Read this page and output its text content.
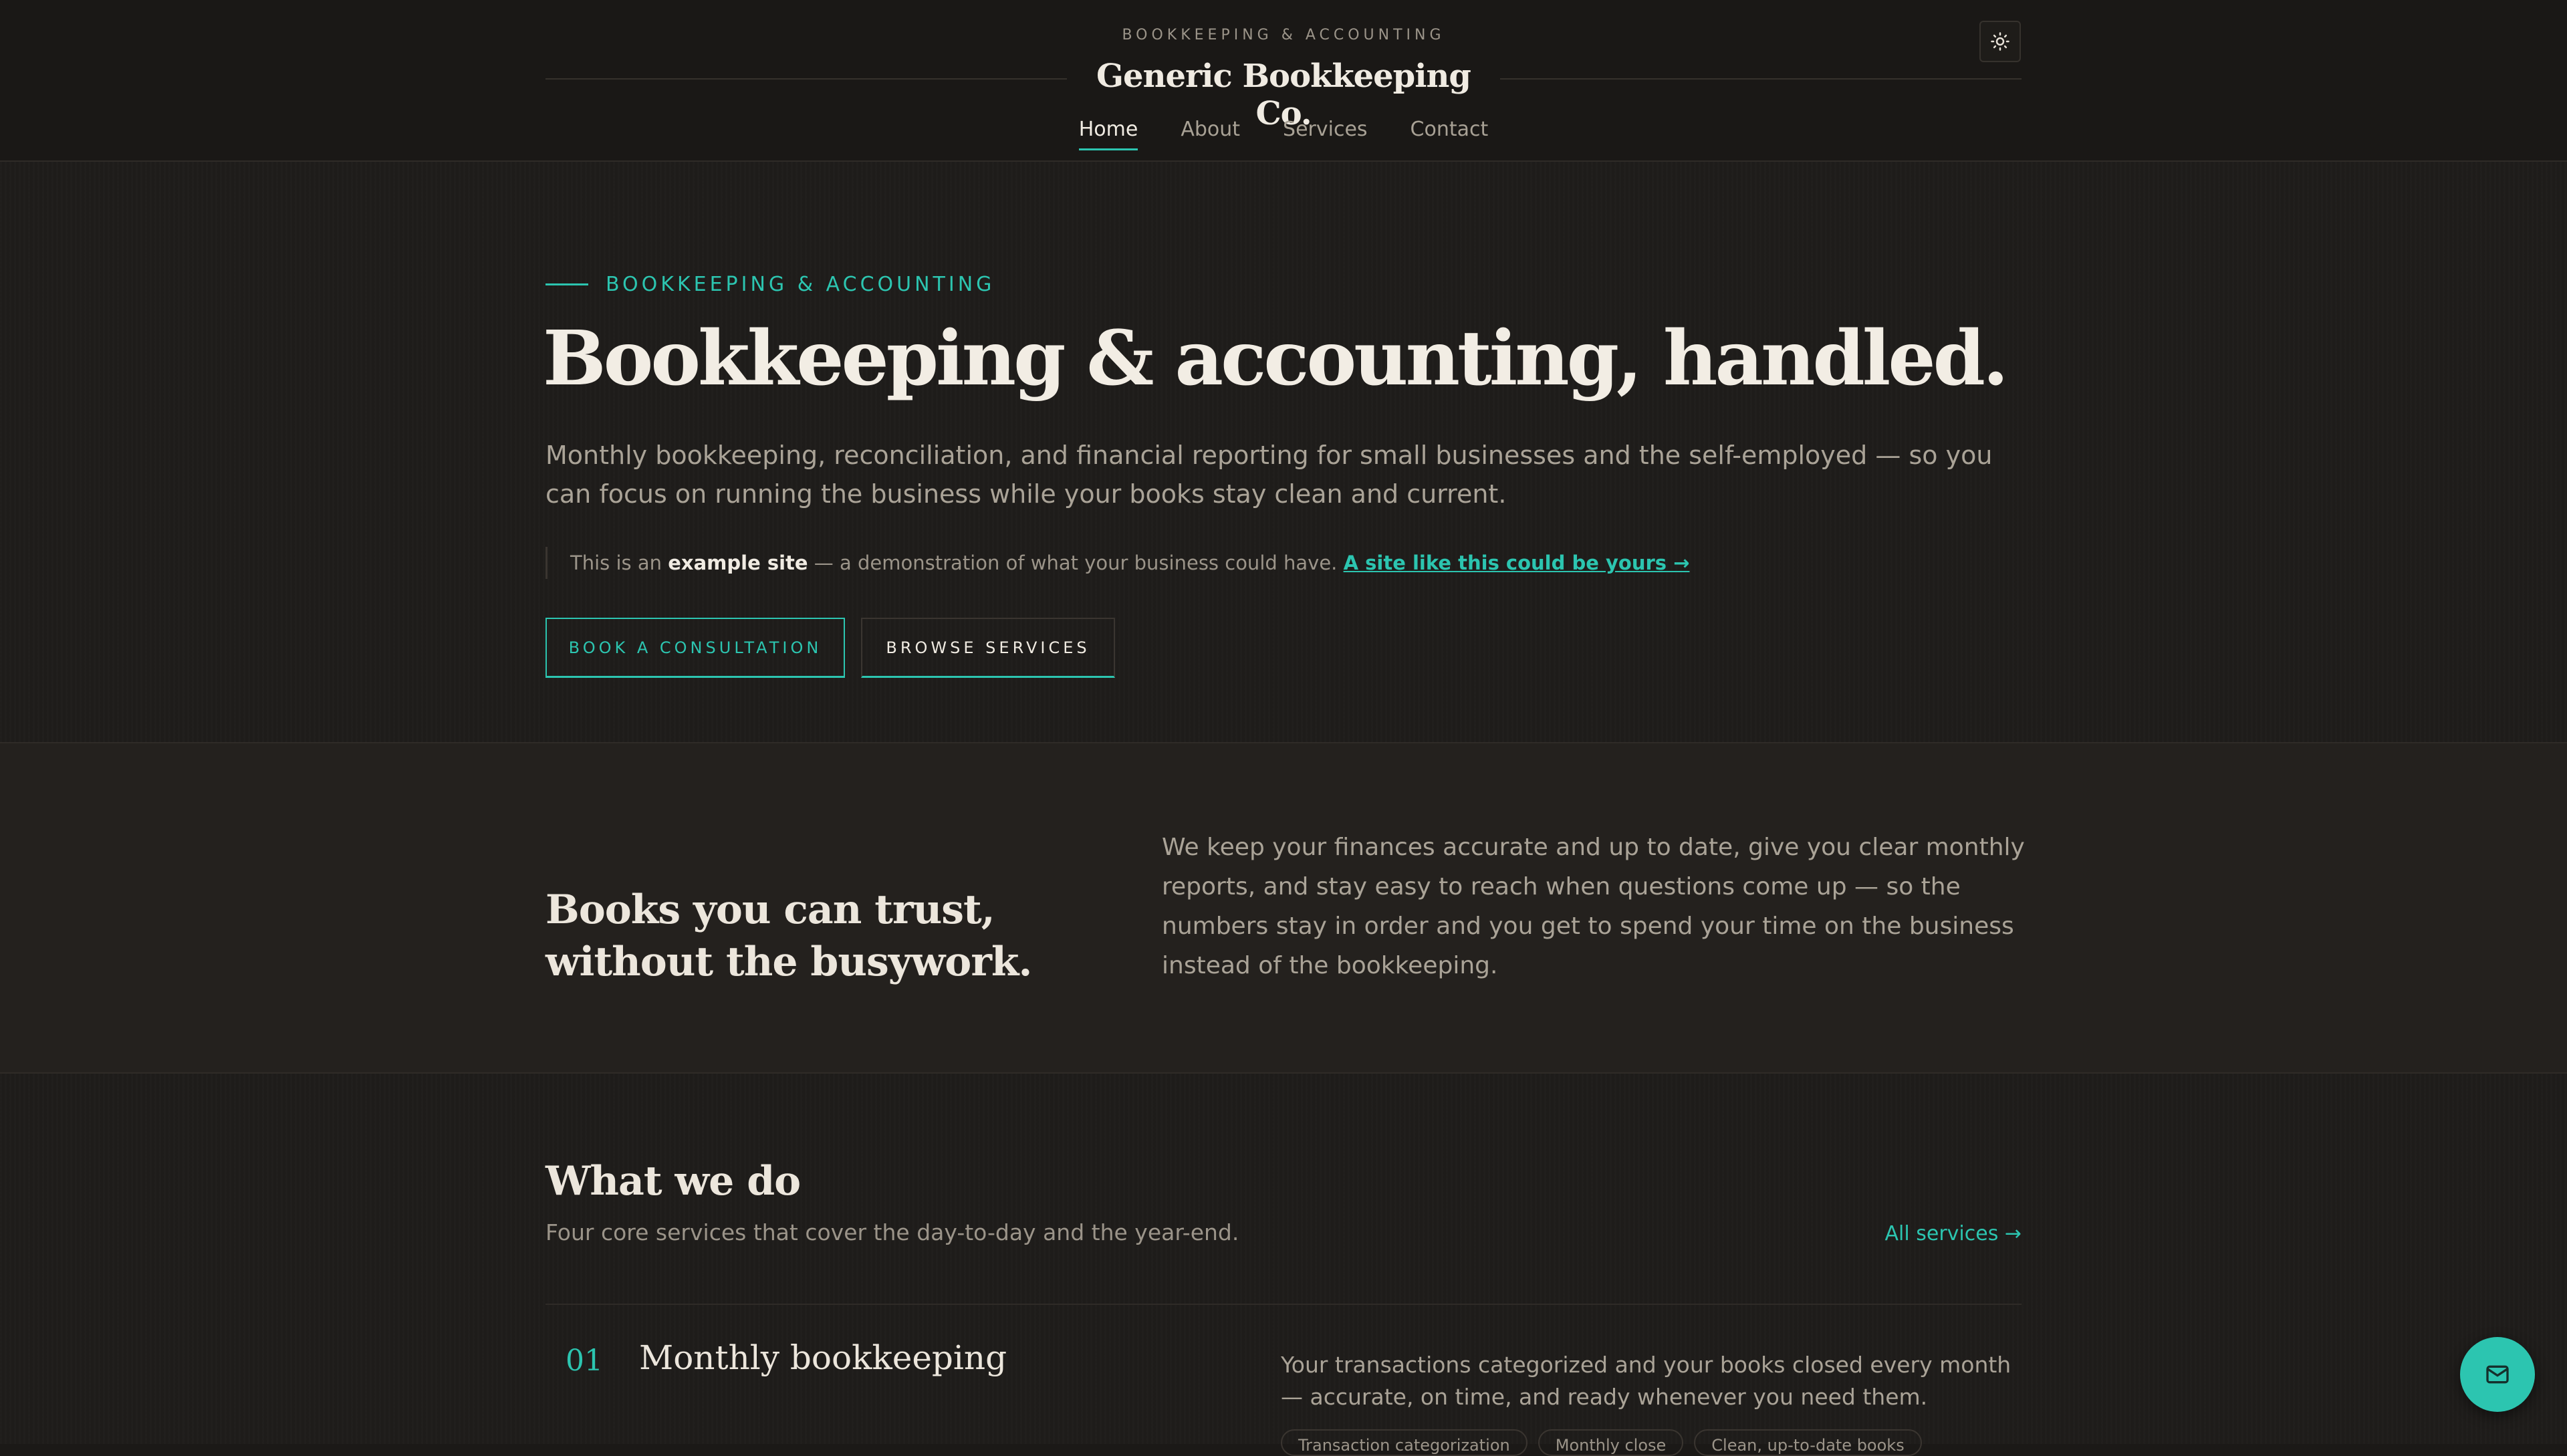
BOOKKEEPING & ACCOUNTING
Generic Bookkeeping Co.
Home About Services Contact
BOOKKEEPING & ACCOUNTING
Bookkeeping & accounting, handled.

Monthly bookkeeping, reconciliation, and financial reporting for small businesses and the self-employed — so you can focus on running the business while your books stay clean and current.

This is an example site — a demonstration of what your business could have. A site like this could be yours →
BOOK A CONSULTATION	BROWSE SERVICES
Books you can trust, without the busywork.

We keep your finances accurate and up to date, give you clear monthly reports, and stay easy to reach when questions come up — so the numbers stay in order and you get to spend your time on the business instead of the bookkeeping.

What we do

Four core services that cover the day-to-day and the year-end.	All services →
01 Monthly bookkeeping	Your transactions categorized and your books closed every month — accurate, on time, and ready whenever you need them.

Transaction categorization	Monthly close	Clean, up-to-date books
